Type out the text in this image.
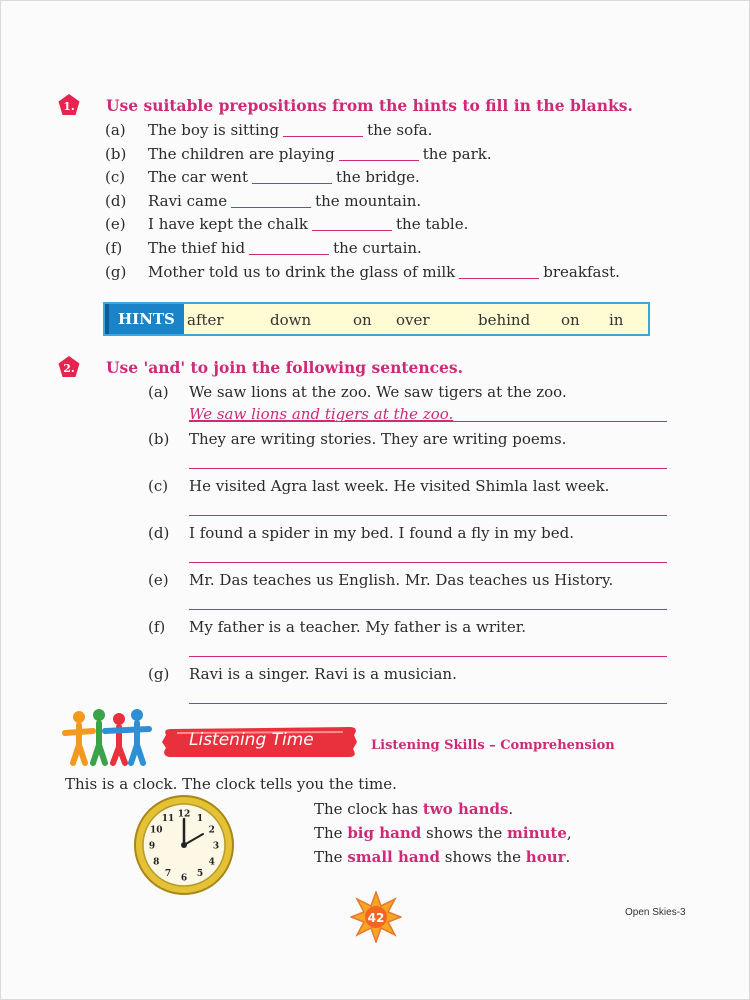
1. Use suitable prepositions from the hints to fill in the blanks.
(a) The boy is sitting	the sofa.
(b) The children are playing	the park.
(c) The car went	the bridge.
(d) Ravi came	the mountain.
(e) I have kept the chalk	the table.
(f) The thief hid	the curtain.
(g) Mother told us to drink the glass of milk	breakfast.
HINTS after	down	on over	behind on in
2. Use 'and' to join the following sentences.
(a) We saw lions at the zoo. We saw tigers at the zoo.
We saw lions and tigers at the zoo.
(b) They are writing stories. They are writing poems.
(c) He visited Agra last week. He visited Shimla last week.
(d) I found a spider in my bed. I found a fly in my bed.
(e) Mr. Das teaches us English. Mr. Das teaches us History.
(f) My father is a teacher. My father is a writer.
(g) Ravi is a singer. Ravi is a musician.
Listening Time	Listening Skills – Comprehension
This is a clock. The clock tells you the time.
12 1
2
3
4
5
6
7
8
9
10
11
The clock has two hands.
The big hand shows the minute,
The small hand shows the hour.
42	Open Skies-3
